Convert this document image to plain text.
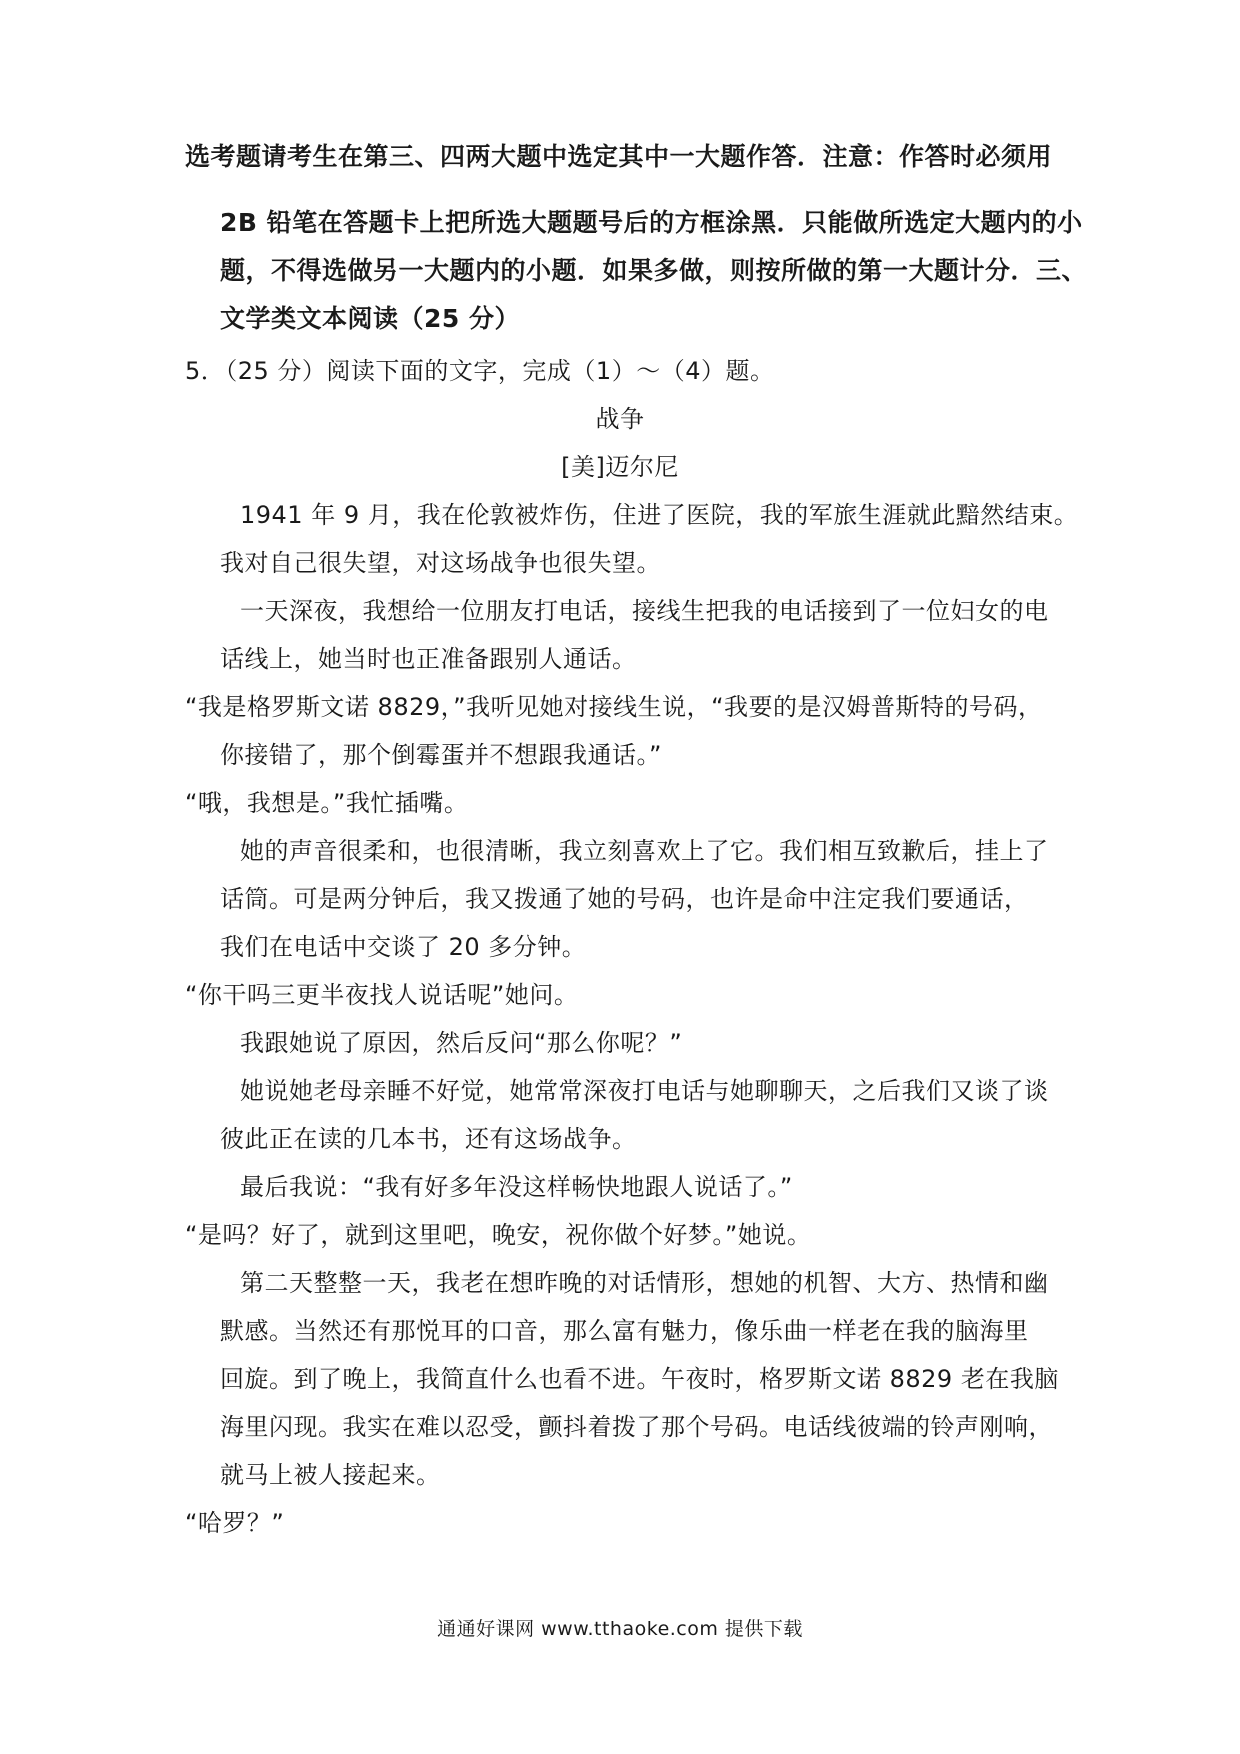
选考题请考生在第三、四两大题中选定其中一大题作答．注意：作答时必须用
2B 铅笔在答题卡上把所选大题题号后的方框涂黑．只能做所选定大题内的小
题，不得选做另一大题内的小题．如果多做，则按所做的第一大题计分．三、
文学类文本阅读（25 分）
5．（25 分）阅读下面的文字，完成（1）～（4）题。
战争
[美]迈尔尼
1941 年 9 月，我在伦敦被炸伤，住进了医院，我的军旅生涯就此黯然结束。
我对自己很失望，对这场战争也很失望。
一天深夜，我想给一位朋友打电话，接线生把我的电话接到了一位妇女的电
话线上，她当时也正准备跟别人通话。
“我是格罗斯文诺 8829，”我听见她对接线生说，“我要的是汉姆普斯特的号码，
你接错了，那个倒霉蛋并不想跟我通话。”
“哦，我想是。”我忙插嘴。
她的声音很柔和，也很清晰，我立刻喜欢上了它。我们相互致歉后，挂上了
话筒。可是两分钟后，我又拨通了她的号码，也许是命中注定我们要通话，
我们在电话中交谈了 20 多分钟。
“你干吗三更半夜找人说话呢”她问。
我跟她说了原因，然后反问“那么你呢？”
她说她老母亲睡不好觉，她常常深夜打电话与她聊聊天，之后我们又谈了谈
彼此正在读的几本书，还有这场战争。
最后我说：“我有好多年没这样畅快地跟人说话了。”
“是吗？好了，就到这里吧，晚安，祝你做个好梦。”她说。
第二天整整一天，我老在想昨晚的对话情形，想她的机智、大方、热情和幽
默感。当然还有那悦耳的口音，那么富有魅力，像乐曲一样老在我的脑海里
回旋。到了晚上，我简直什么也看不进。午夜时，格罗斯文诺 8829 老在我脑
海里闪现。我实在难以忍受，颤抖着拨了那个号码。电话线彼端的铃声刚响，
就马上被人接起来。
“哈罗？”
通通好课网 www.tthaoke.com 提供下载
